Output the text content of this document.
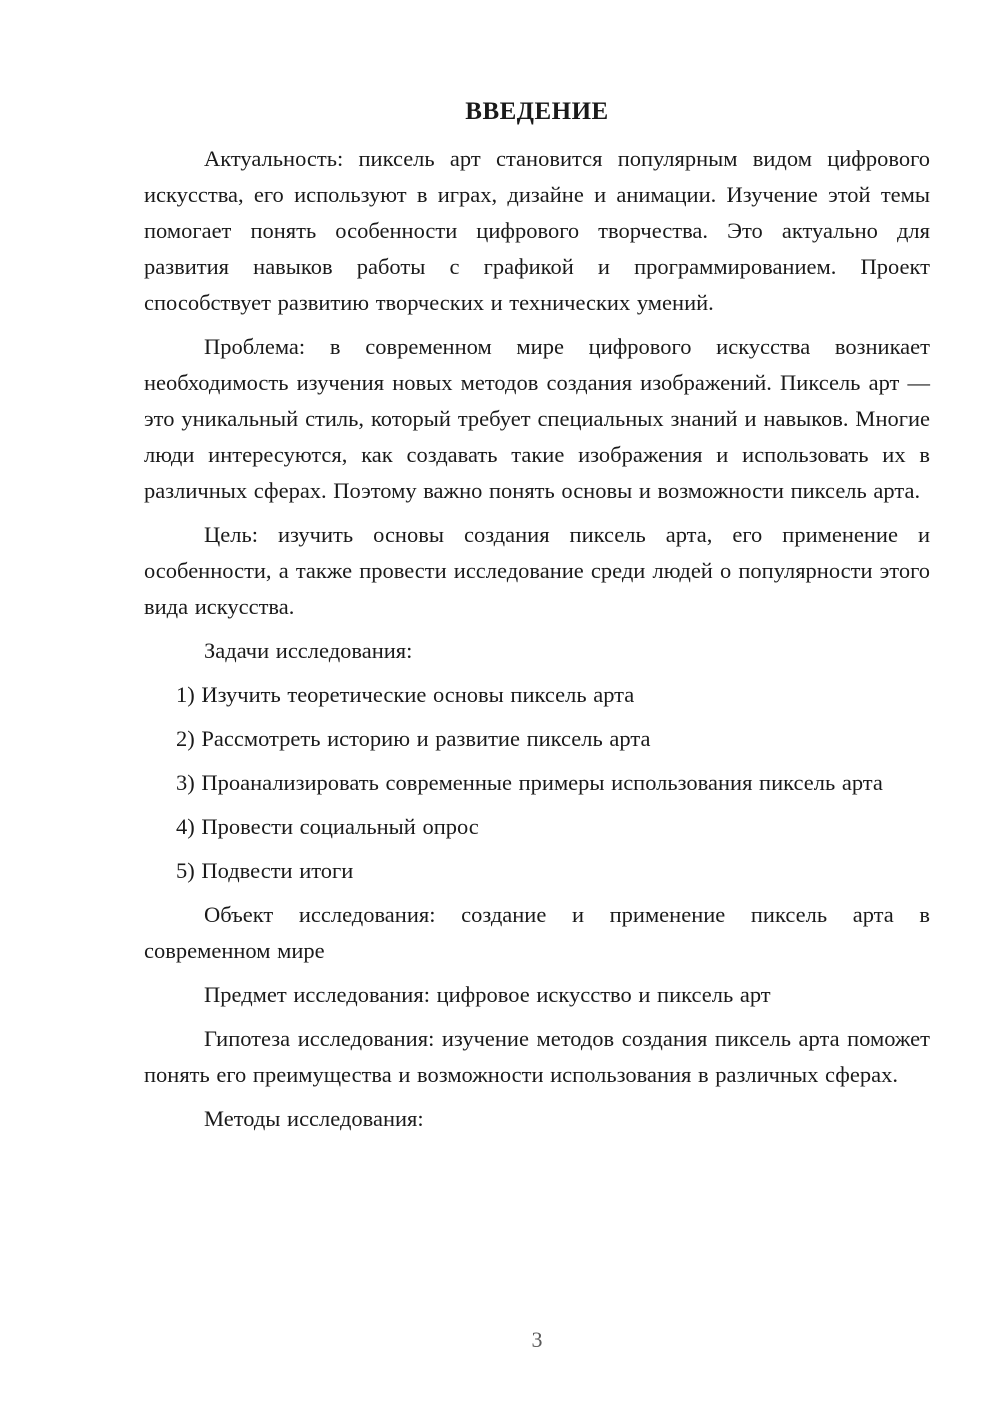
ВВЕДЕНИЕ

Актуальность: пиксель арт становится популярным видом цифрового искусства, его используют в играх, дизайне и анимации. Изучение этой темы помогает понять особенности цифрового творчества. Это актуально для развития навыков работы с графикой и программированием. Проект способствует развитию творческих и технических умений.

Проблема: в современном мире цифрового искусства возникает необходимость изучения новых методов создания изображений. Пиксель арт — это уникальный стиль, который требует специальных знаний и навыков. Многие люди интересуются, как создавать такие изображения и использовать их в различных сферах. Поэтому важно понять основы и возможности пиксель арта.

Цель: изучить основы создания пиксель арта, его применение и особенности, а также провести исследование среди людей о популярности этого вида искусства.

Задачи исследования:

1) Изучить теоретические основы пиксель арта

2) Рассмотреть историю и развитие пиксель арта

3) Проанализировать современные примеры использования пиксель арта

4) Провести социальный опрос

5) Подвести итоги

Объект исследования: создание и применение пиксель арта в современном мире

Предмет исследования: цифровое искусство и пиксель арт

Гипотеза исследования: изучение методов создания пиксель арта поможет понять его преимущества и возможности использования в различных сферах.

Методы исследования:

3
